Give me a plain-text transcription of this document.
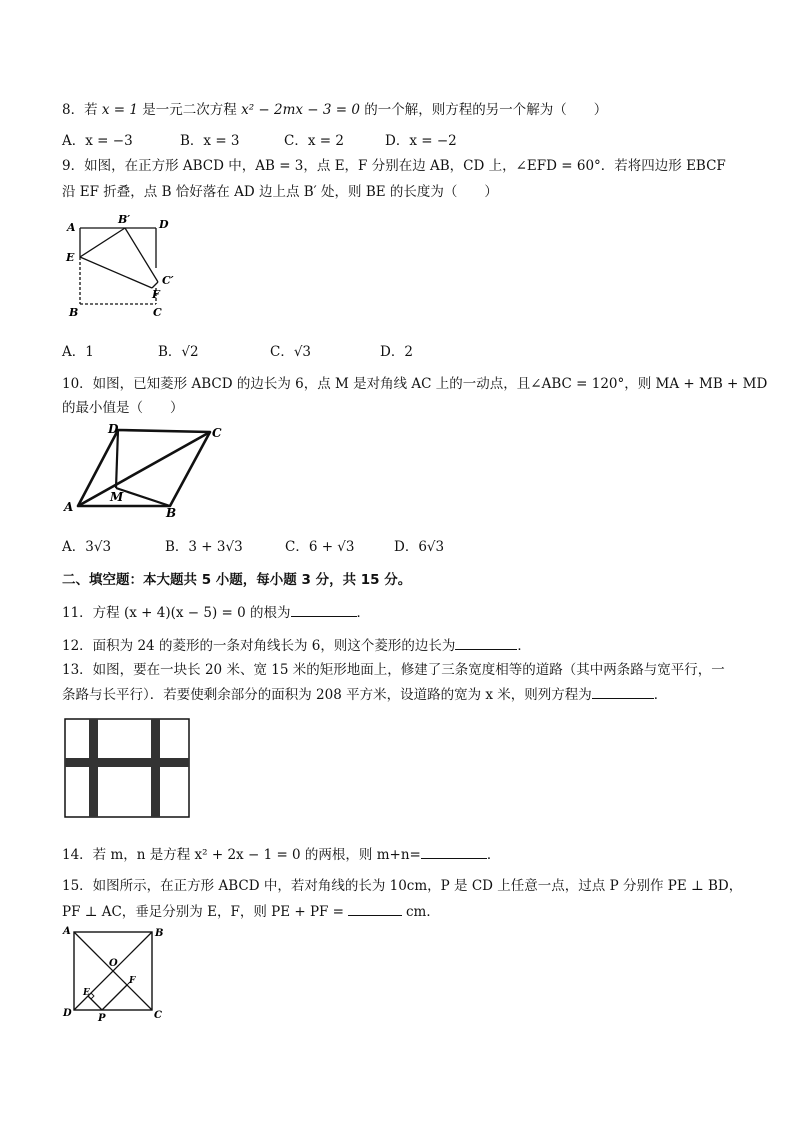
8．若 x = 1 是一元二次方程 x² − 2mx − 3 = 0 的一个解，则方程的另一个解为（　　）
A．x = −3	B．x = 3	C．x = 2	D．x = −2
9．如图，在正方形 ABCD 中，AB = 3，点 E，F 分别在边 AB，CD 上，∠EFD = 60°．若将四边形 EBCF
沿 EF 折叠，点 B 恰好落在 AD 边上点 B′ 处，则 BE 的长度为（　　）
A
B′	D
E
C′
F
B	C
A．1	B．√2	C．√3	D．2
10．如图，已知菱形 ABCD 的边长为 6，点 M 是对角线 AC 上的一动点，且∠ABC = 120°，则 MA + MB + MD
的最小值是（　　）
D	C
A
M
B
A．3√3	B．3 + 3√3	C．6 + √3	D．6√3
二、填空题：本大题共 5 小题，每小题 3 分，共 15 分。
11．方程 (x + 4)(x − 5) = 0 的根为	．
12．面积为 24 的菱形的一条对角线长为 6，则这个菱形的边长为	．
13．如图，要在一块长 20 米、宽 15 米的矩形地面上，修建了三条宽度相等的道路（其中两条路与宽平行，一
条路与长平行）．若要使剩余部分的面积为 208 平方米，设道路的宽为 x 米，则列方程为	．
14．若 m，n 是方程 x² + 2x − 1 = 0 的两根，则 m+n=	．
15．如图所示，在正方形 ABCD 中，若对角线的长为 10cm，P 是 CD 上任意一点，过点 P 分别作 PE ⊥ BD，
PF ⊥ AC，垂足分别为 E，F，则 PE + PF =	cm．
A	B
O
E
F
D	P	C
